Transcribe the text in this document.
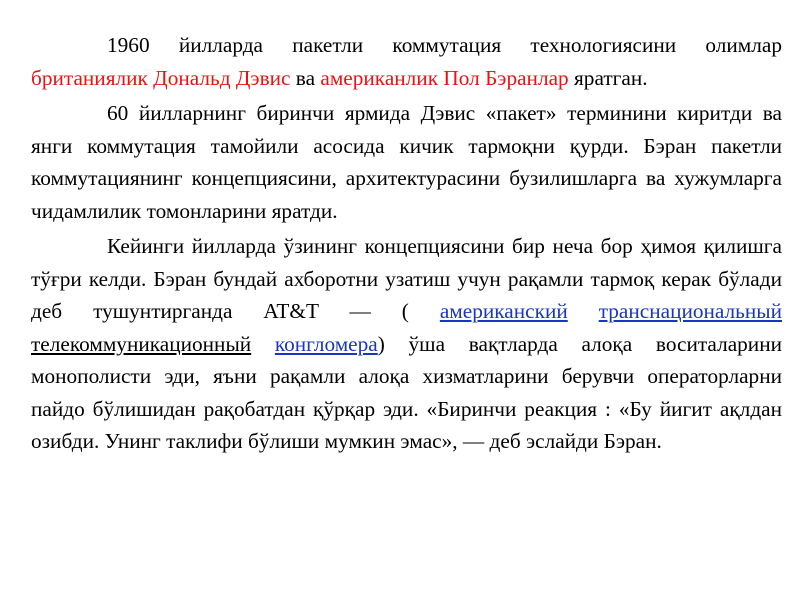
1960 йилларда пакетли коммутация технологиясини олимлар британиялик Дональд Дэвис ва американлик Пол Бэранлар яратган.

60 йилларнинг биринчи ярмида Дэвис «пакет» терминини киритди ва янги коммутация тамойили асосида кичик тармоқни қурди. Бэран пакетли коммутациянинг концепциясини, архитектурасини бузилишларга ва хужумларга чидамлилик томонларини яратди.

Кейинги йилларда ўзининг концепциясини бир неча бор ҳимоя қилишга тўғри келди. Бэран бундай ахборотни узатиш учун рақамли тармоқ керак бўлади деб тушунтирганда AT&T — ( американский транснациональный телекоммуникационный конгломера) ўша вақтларда алоқа воситаларини монополисти эди, яъни рақамли алоқа хизматларини берувчи операторларни пайдо бўлишидан рақобатдан қўрқар эди. «Биринчи реакция : «Бу йигит ақлдан озибди. Унинг таклифи бўлиши мумкин эмас», — деб эслайди Бэран.
